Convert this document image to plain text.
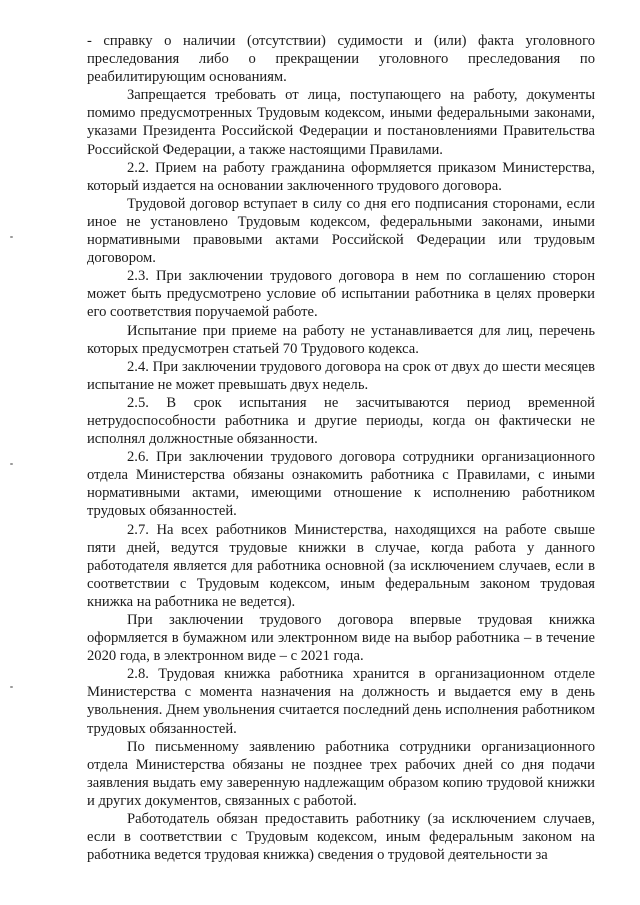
- справку о наличии (отсутствии) судимости и (или) факта уголовного преследования либо о прекращении уголовного преследования по реабилитирующим основаниям.

Запрещается требовать от лица, поступающего на работу, документы помимо предусмотренных Трудовым кодексом, иными федеральными законами, указами Президента Российской Федерации и постановлениями Правительства Российской Федерации, а также настоящими Правилами.

2.2. Прием на работу гражданина оформляется приказом Министерства, который издается на основании заключенного трудового договора.

Трудовой договор вступает в силу со дня его подписания сторонами, если иное не установлено Трудовым кодексом, федеральными законами, иными нормативными правовыми актами Российской Федерации или трудовым договором.

2.3. При заключении трудового договора в нем по соглашению сторон может быть предусмотрено условие об испытании работника в целях проверки его соответствия поручаемой работе.

Испытание при приеме на работу не устанавливается для лиц, перечень которых предусмотрен статьей 70 Трудового кодекса.

2.4. При заключении трудового договора на срок от двух до шести месяцев испытание не может превышать двух недель.

2.5. В срок испытания не засчитываются период временной нетрудоспособности работника и другие периоды, когда он фактически не исполнял должностные обязанности.

2.6. При заключении трудового договора сотрудники организационного отдела Министерства обязаны ознакомить работника с Правилами, с иными нормативными актами, имеющими отношение к исполнению работником трудовых обязанностей.

2.7. На всех работников Министерства, находящихся на работе свыше пяти дней, ведутся трудовые книжки в случае, когда работа у данного работодателя является для работника основной (за исключением случаев, если в соответствии с Трудовым кодексом, иным федеральным законом трудовая книжка на работника не ведется).

При заключении трудового договора впервые трудовая книжка оформляется в бумажном или электронном виде на выбор работника – в течение 2020 года, в электронном виде – с 2021 года.

2.8. Трудовая книжка работника хранится в организационном отделе Министерства с момента назначения на должность и выдается ему в день увольнения. Днем увольнения считается последний день исполнения работником трудовых обязанностей.

По письменному заявлению работника сотрудники организационного отдела Министерства обязаны не позднее трех рабочих дней со дня подачи заявления выдать ему заверенную надлежащим образом копию трудовой книжки и других документов, связанных с работой.

Работодатель обязан предоставить работнику (за исключением случаев, если в соответствии с Трудовым кодексом, иным федеральным законом на работника ведется трудовая книжка) сведения о трудовой деятельности за
